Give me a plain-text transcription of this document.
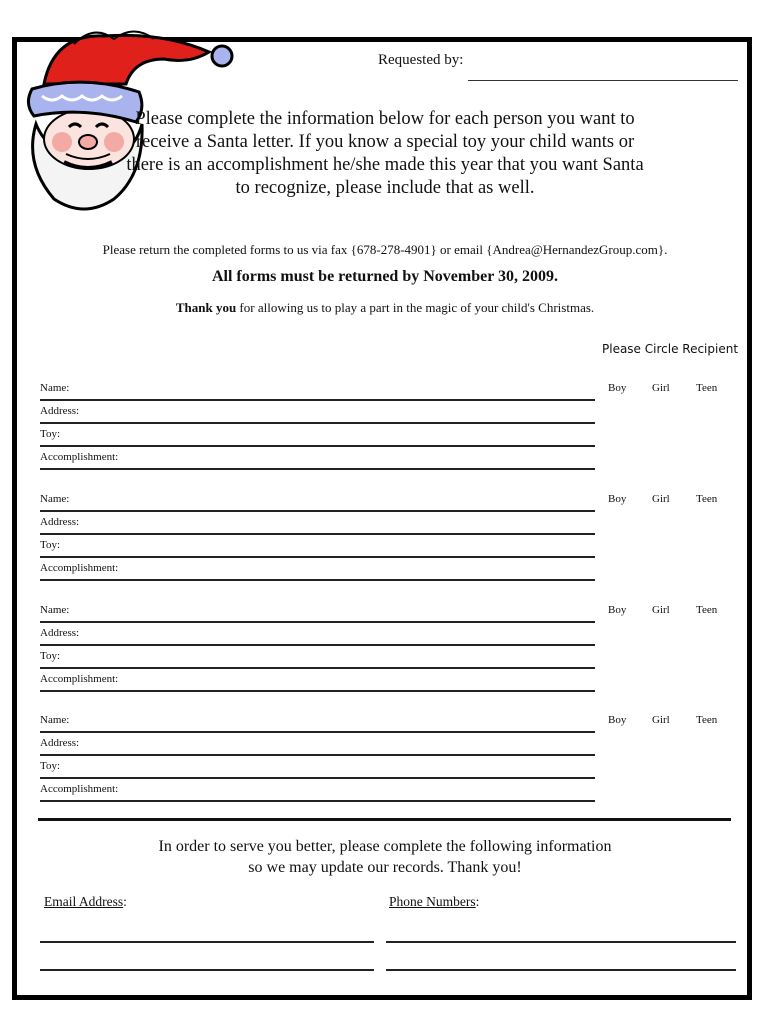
Requested by:
Please complete the information below for each person you want to receive a Santa letter. If you know a special toy your child wants or there is an accomplishment he/she made this year that you want Santa to recognize, please include that as well.
Please return the completed forms to us via fax {678-278-4901} or email {Andrea@HernandezGroup.com}.
All forms must be returned by November 30, 2009.
Thank you for allowing us to play a part in the magic of your child's Christmas.
Please Circle Recipient
Name:
Address:
Toy:
Accomplishment:
Boy Girl Teen
Name:
Address:
Toy:
Accomplishment:
Boy Girl Teen
Name:
Address:
Toy:
Accomplishment:
Boy Girl Teen
Name:
Address:
Toy:
Accomplishment:
Boy Girl Teen
In order to serve you better, please complete the following information
so we may update our records. Thank you!
Email Address:	Phone Numbers:
